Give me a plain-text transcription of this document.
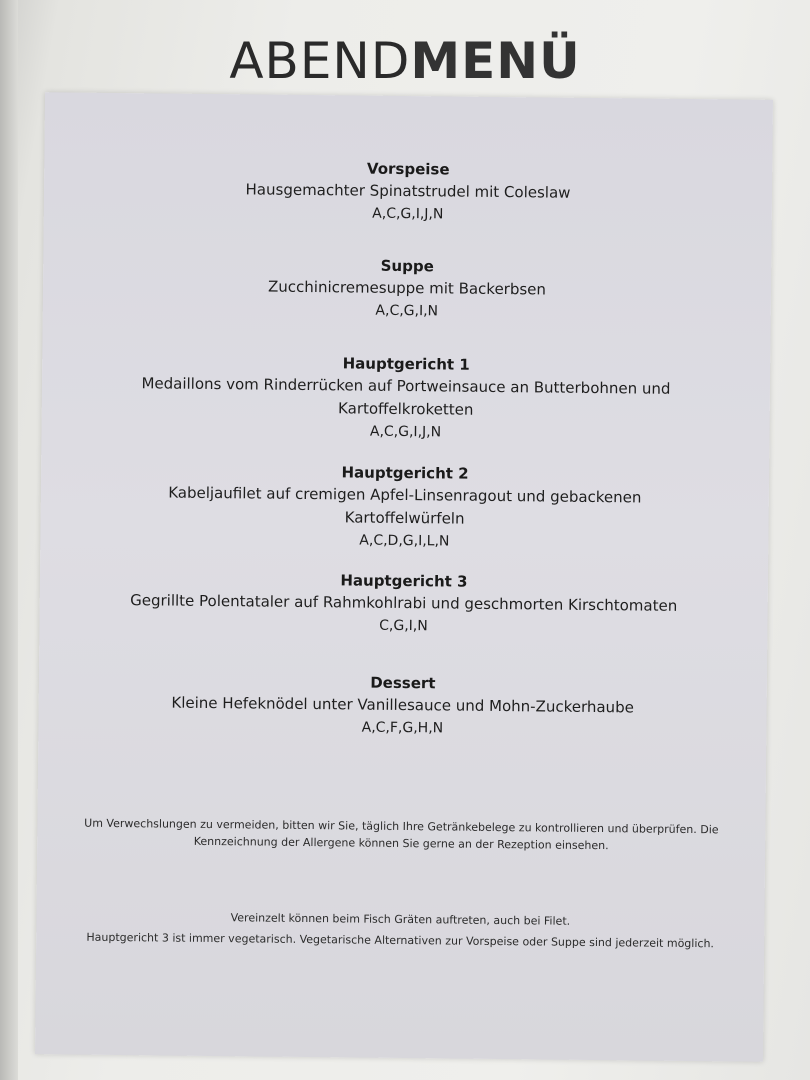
ABENDMENÜ
Vorspeise
Hausgemachter Spinatstrudel mit Coleslaw
A,C,G,I,J,N
Suppe
Zucchinicremesuppe mit Backerbsen
A,C,G,I,N
Hauptgericht 1
Medaillons vom Rinderrücken auf Portweinsauce an Butterbohnen und Kartoffelkroketten
A,C,G,I,J,N
Hauptgericht 2
Kabeljaufilet auf cremigen Apfel-Linsenragout und gebackenen Kartoffelwürfeln
A,C,D,G,I,L,N
Hauptgericht 3
Gegrillte Polentataler auf Rahmkohlrabi und geschmorten Kirschtomaten
C,G,I,N
Dessert
Kleine Hefeknödel unter Vanillesauce und Mohn-Zuckerhaube
A,C,F,G,H,N
Um Verwechslungen zu vermeiden, bitten wir Sie, täglich Ihre Getränkebelege zu kontrollieren und überprüfen. Die Kennzeichnung der Allergene können Sie gerne an der Rezeption einsehen.
Vereinzelt können beim Fisch Gräten auftreten, auch bei Filet.
Hauptgericht 3 ist immer vegetarisch. Vegetarische Alternativen zur Vorspeise oder Suppe sind jederzeit möglich.
